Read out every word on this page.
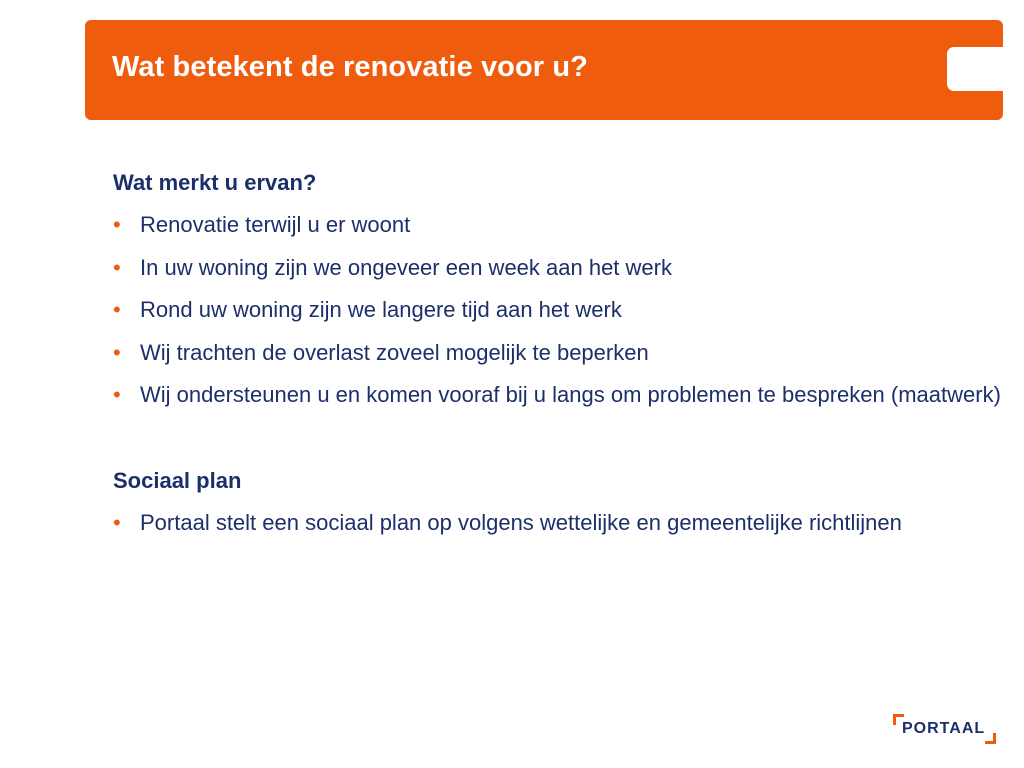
Wat betekent de renovatie voor u?
Wat merkt u ervan?
• Renovatie terwijl u er woont
• In uw woning zijn we ongeveer een week aan het werk
• Rond uw woning zijn we langere tijd aan het werk
• Wij trachten de overlast zoveel mogelijk te beperken
• Wij ondersteunen u en komen vooraf bij u langs om problemen te bespreken (maatwerk)
Sociaal plan
• Portaal stelt een sociaal plan op volgens wettelijke en gemeentelijke richtlijnen
PORTAAL
